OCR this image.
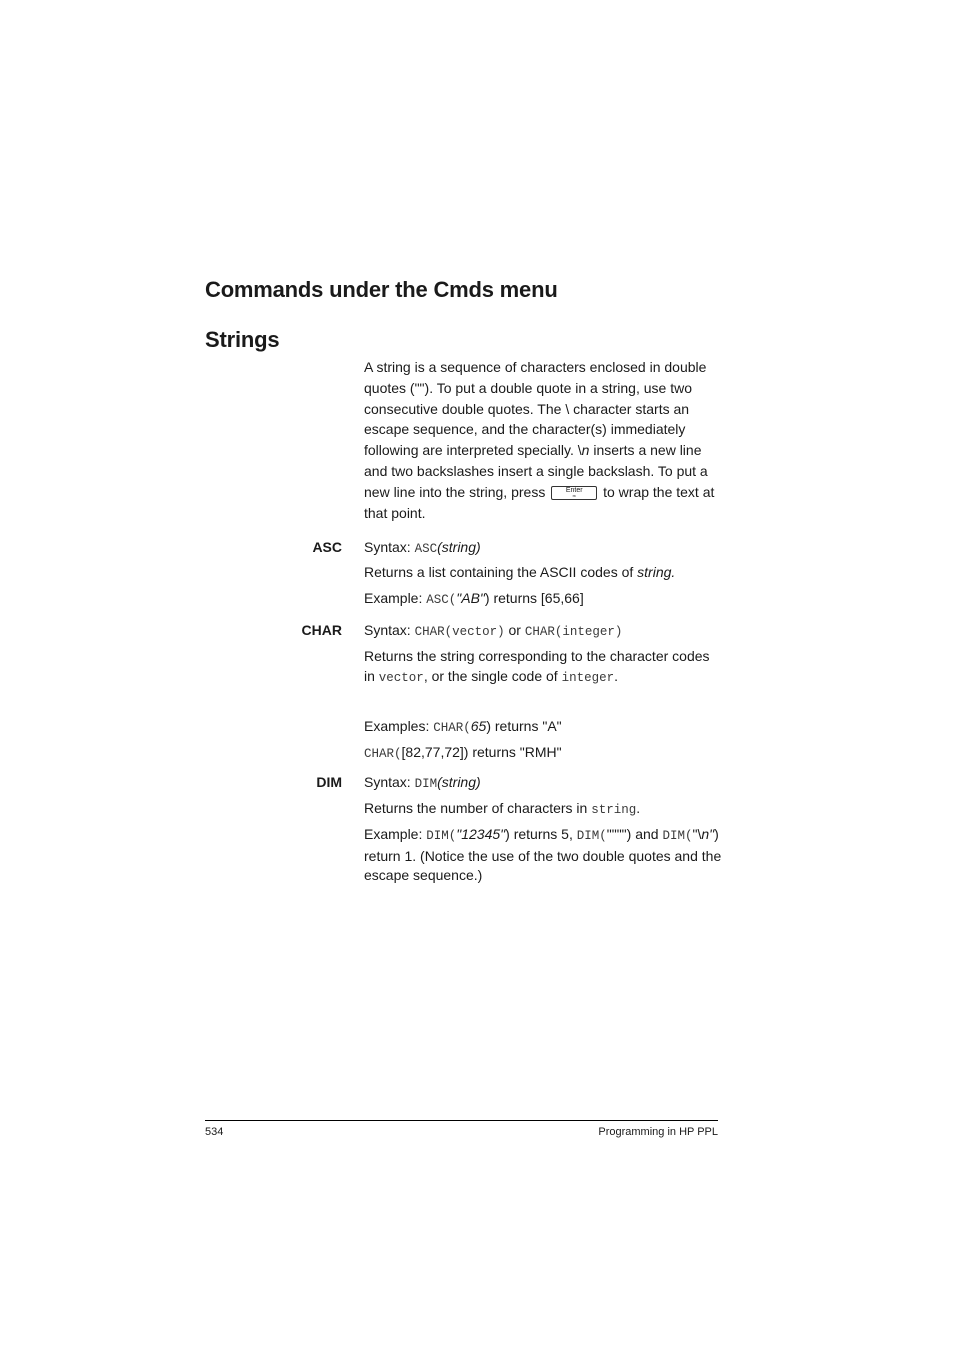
Commands under the Cmds menu
Strings
A string is a sequence of characters enclosed in double quotes (""). To put a double quote in a string, use two consecutive double quotes. The \ character starts an escape sequence, and the character(s) immediately following are interpreted specially. \n inserts a new line and two backslashes insert a single backslash. To put a new line into the string, press	Enter
≈	to wrap the text at that point.
ASC Syntax: ASC(string)
Returns a list containing the ASCII codes of string.
Example: ASC("AB") returns [65,66]
CHAR Syntax: CHAR(vector) or CHAR(integer)
Returns the string corresponding to the character codes in vector, or the single code of integer.
Examples: CHAR(65) returns "A"
CHAR([82,77,72]) returns "RMH"
DIM Syntax: DIM(string)
Returns the number of characters in string.
Example: DIM("12345") returns 5, DIM("""") and DIM("\n") return 1. (Notice the use of the two double quotes and the escape sequence.)
534	Programming in HP PPL
